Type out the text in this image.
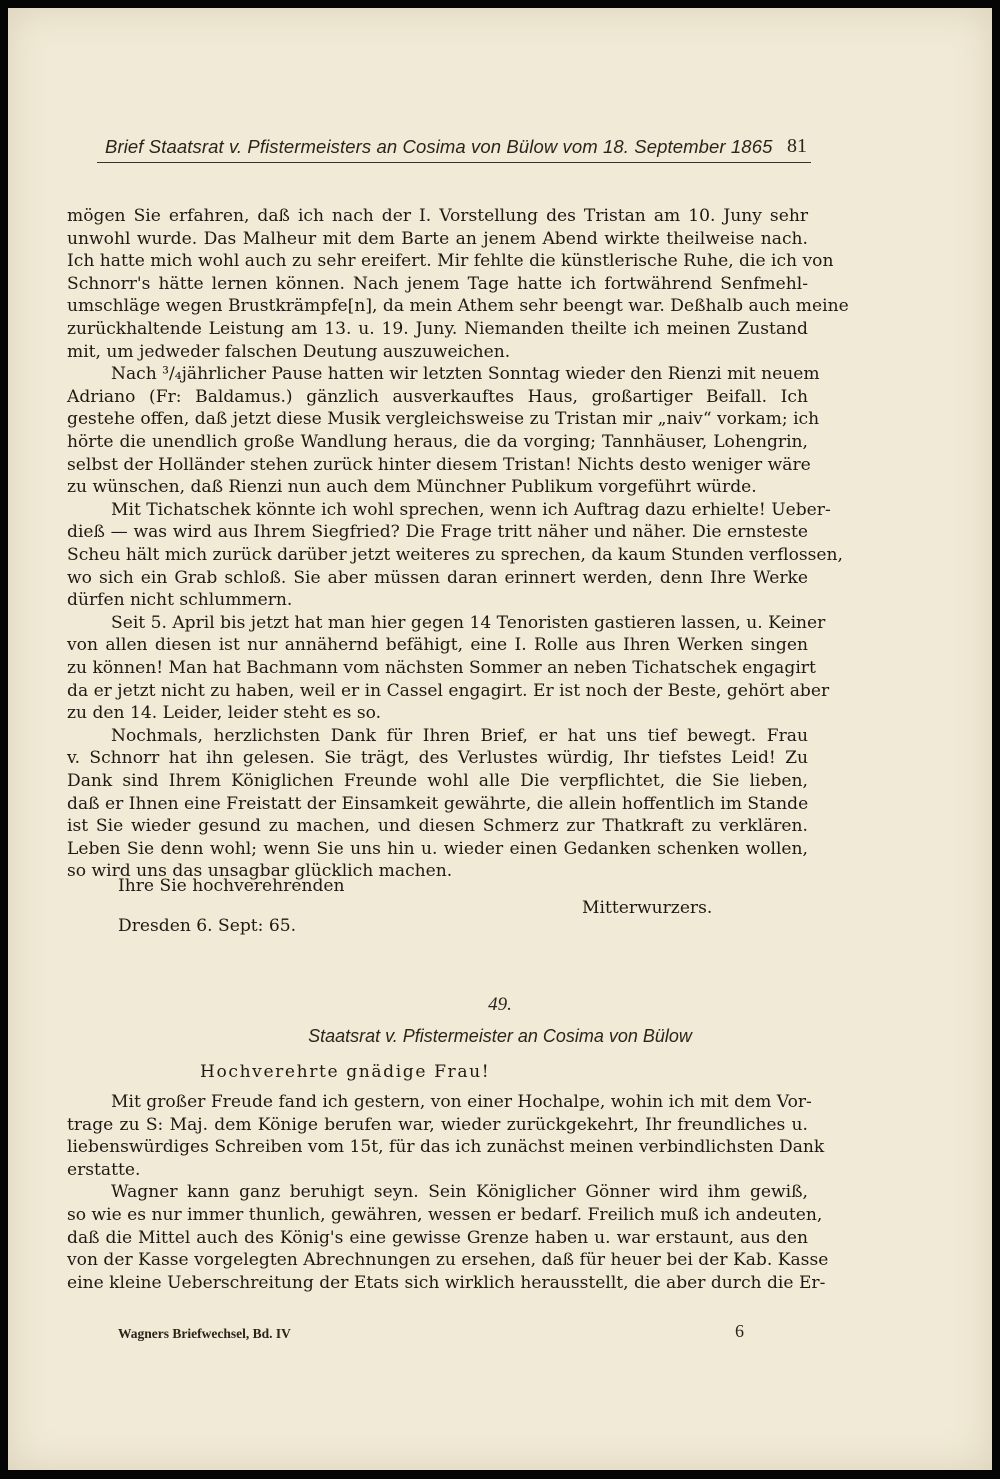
Brief Staatsrat v. Pfistermeisters an Cosima von Bülow vom 18. September 1865 81
mögen Sie erfahren, daß ich nach der I. Vorstellung des Tristan am 10. Juny sehr
unwohl wurde. Das Malheur mit dem Barte an jenem Abend wirkte theilweise nach.
Ich hatte mich wohl auch zu sehr ereifert. Mir fehlte die künstlerische Ruhe, die ich von
Schnorr's hätte lernen können. Nach jenem Tage hatte ich fortwährend Senfmehl-
umschläge wegen Brustkrämpfe[n], da mein Athem sehr beengt war. Deßhalb auch meine
zurückhaltende Leistung am 13. u. 19. Juny. Niemanden theilte ich meinen Zustand
mit, um jedweder falschen Deutung auszuweichen.
Nach ³/₄jährlicher Pause hatten wir letzten Sonntag wieder den Rienzi mit neuem
Adriano (Fr: Baldamus.) gänzlich ausverkauftes Haus, großartiger Beifall. Ich
gestehe offen, daß jetzt diese Musik vergleichsweise zu Tristan mir „naiv“ vorkam; ich
hörte die unendlich große Wandlung heraus, die da vorging; Tannhäuser, Lohengrin,
selbst der Holländer stehen zurück hinter diesem Tristan! Nichts desto weniger wäre
zu wünschen, daß Rienzi nun auch dem Münchner Publikum vorgeführt würde.
Mit Tichatschek könnte ich wohl sprechen, wenn ich Auftrag dazu erhielte! Ueber-
dieß — was wird aus Ihrem Siegfried? Die Frage tritt näher und näher. Die ernsteste
Scheu hält mich zurück darüber jetzt weiteres zu sprechen, da kaum Stunden verflossen,
wo sich ein Grab schloß. Sie aber müssen daran erinnert werden, denn Ihre Werke
dürfen nicht schlummern.
Seit 5. April bis jetzt hat man hier gegen 14 Tenoristen gastieren lassen, u. Keiner
von allen diesen ist nur annähernd befähigt, eine I. Rolle aus Ihren Werken singen
zu können! Man hat Bachmann vom nächsten Sommer an neben Tichatschek engagirt
da er jetzt nicht zu haben, weil er in Cassel engagirt. Er ist noch der Beste, gehört aber
zu den 14. Leider, leider steht es so.
Nochmals, herzlichsten Dank für Ihren Brief, er hat uns tief bewegt. Frau
v. Schnorr hat ihn gelesen. Sie trägt, des Verlustes würdig, Ihr tiefstes Leid! Zu
Dank sind Ihrem Königlichen Freunde wohl alle Die verpflichtet, die Sie lieben,
daß er Ihnen eine Freistatt der Einsamkeit gewährte, die allein hoffentlich im Stande
ist Sie wieder gesund zu machen, und diesen Schmerz zur Thatkraft zu verklären.
Leben Sie denn wohl; wenn Sie uns hin u. wieder einen Gedanken schenken wollen,
so wird uns das unsagbar glücklich machen.
Ihre Sie hochverehrenden
Mitterwurzers.
Dresden 6. Sept: 65.
49.
Staatsrat v. Pfistermeister an Cosima von Bülow
Hochverehrte gnädige Frau!
Mit großer Freude fand ich gestern, von einer Hochalpe, wohin ich mit dem Vor-
trage zu S: Maj. dem Könige berufen war, wieder zurückgekehrt, Ihr freundliches u.
liebenswürdiges Schreiben vom 15t, für das ich zunächst meinen verbindlichsten Dank
erstatte.
Wagner kann ganz beruhigt seyn. Sein Königlicher Gönner wird ihm gewiß,
so wie es nur immer thunlich, gewähren, wessen er bedarf. Freilich muß ich andeuten,
daß die Mittel auch des König's eine gewisse Grenze haben u. war erstaunt, aus den
von der Kasse vorgelegten Abrechnungen zu ersehen, daß für heuer bei der Kab. Kasse
eine kleine Ueberschreitung der Etats sich wirklich herausstellt, die aber durch die Er-
Wagners Briefwechsel, Bd. IV	6
